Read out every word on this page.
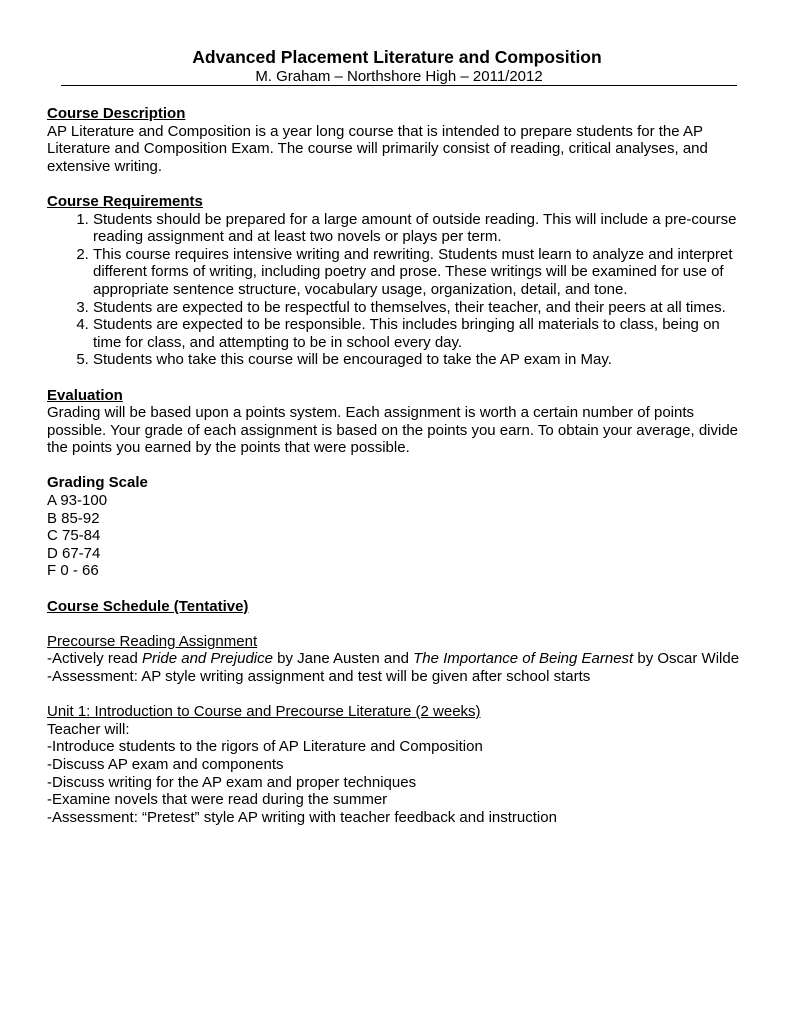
Advanced Placement Literature and Composition

M. Graham – Northshore High – 2011/2012

Course Description

AP Literature and Composition is a year long course that is intended to prepare students for the AP Literature and Composition Exam. The course will primarily consist of reading, critical analyses, and extensive writing.

Course Requirements

1. Students should be prepared for a large amount of outside reading. This will include a pre-course reading assignment and at least two novels or plays per term.
2. This course requires intensive writing and rewriting. Students must learn to analyze and interpret different forms of writing, including poetry and prose. These writings will be examined for use of appropriate sentence structure, vocabulary usage, organization, detail, and tone.
3. Students are expected to be respectful to themselves, their teacher, and their peers at all times.
4. Students are expected to be responsible. This includes bringing all materials to class, being on time for class, and attempting to be in school every day.
5. Students who take this course will be encouraged to take the AP exam in May.

Evaluation

Grading will be based upon a points system. Each assignment is worth a certain number of points possible. Your grade of each assignment is based on the points you earn. To obtain your average, divide the points you earned by the points that were possible.

Grading Scale

A 93-100

B 85-92

C 75-84

D 67-74

F 0 - 66

Course Schedule (Tentative)

Precourse Reading Assignment

-Actively read Pride and Prejudice by Jane Austen and The Importance of Being Earnest by Oscar Wilde

-Assessment: AP style writing assignment and test will be given after school starts

Unit 1: Introduction to Course and Precourse Literature (2 weeks)

Teacher will:

-Introduce students to the rigors of AP Literature and Composition

-Discuss AP exam and components

-Discuss writing for the AP exam and proper techniques

-Examine novels that were read during the summer

-Assessment: “Pretest” style AP writing with teacher feedback and instruction
